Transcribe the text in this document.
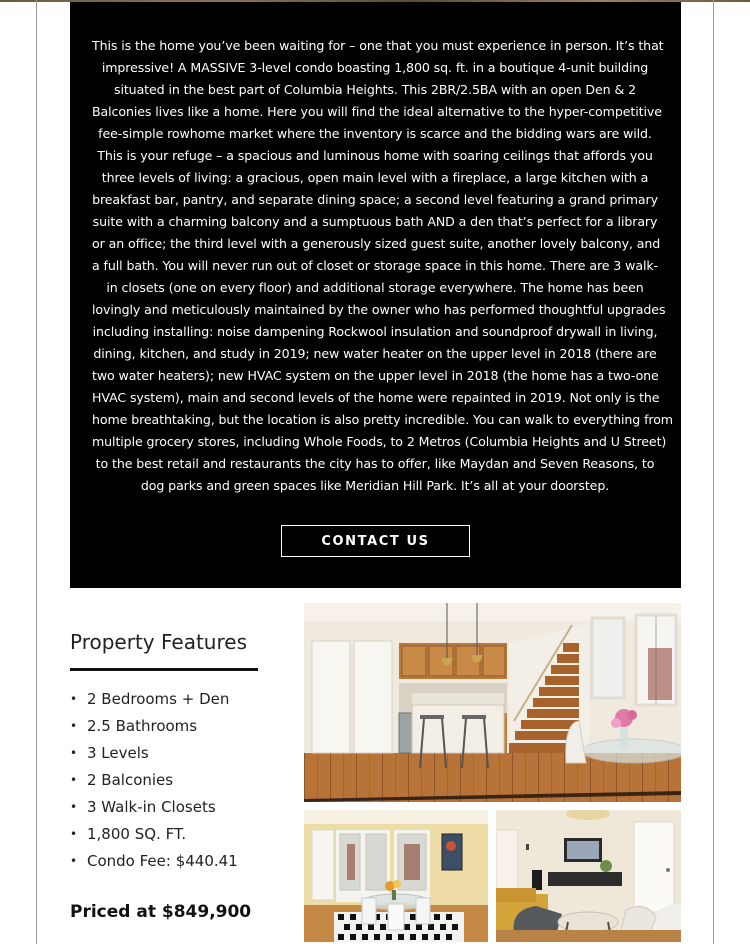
This is the home you’ve been waiting for – one that you must experience in person. It’s that
impressive! A MASSIVE 3-level condo boasting 1,800 sq. ft. in a boutique 4-unit building
situated in the best part of Columbia Heights. This 2BR/2.5BA with an open Den & 2
Balconies lives like a home. Here you will find the ideal alternative to the hyper-competitive
fee-simple rowhome market where the inventory is scarce and the bidding wars are wild.
This is your refuge – a spacious and luminous home with soaring ceilings that affords you
three levels of living: a gracious, open main level with a fireplace, a large kitchen with a
breakfast bar, pantry, and separate dining space; a second level featuring a grand primary
suite with a charming balcony and a sumptuous bath AND a den that’s perfect for a library
or an office; the third level with a generously sized guest suite, another lovely balcony, and
a full bath. You will never run out of closet or storage space in this home. There are 3 walk-
in closets (one on every floor) and additional storage everywhere. The home has been
lovingly and meticulously maintained by the owner who has performed thoughtful upgrades
including installing: noise dampening Rockwool insulation and soundproof drywall in living,
dining, kitchen, and study in 2019; new water heater on the upper level in 2018 (there are
two water heaters); new HVAC system on the upper level in 2018 (the home has a two-one
HVAC system), main and second levels of the home were repainted in 2019. Not only is the
home breathtaking, but the location is also pretty incredible. You can walk to everything from
multiple grocery stores, including Whole Foods, to 2 Metros (Columbia Heights and U Street)
to the best retail and restaurants the city has to offer, like Maydan and Seven Reasons, to
dog parks and green spaces like Meridian Hill Park. It’s all at your doorstep.
CONTACT US
Property Features
• 2 Bedrooms + Den
• 2.5 Bathrooms
• 3 Levels
• 2 Balconies
• 3 Walk-in Closets
• 1,800 SQ. FT.
• Condo Fee: $440.41
Priced at $849,900
